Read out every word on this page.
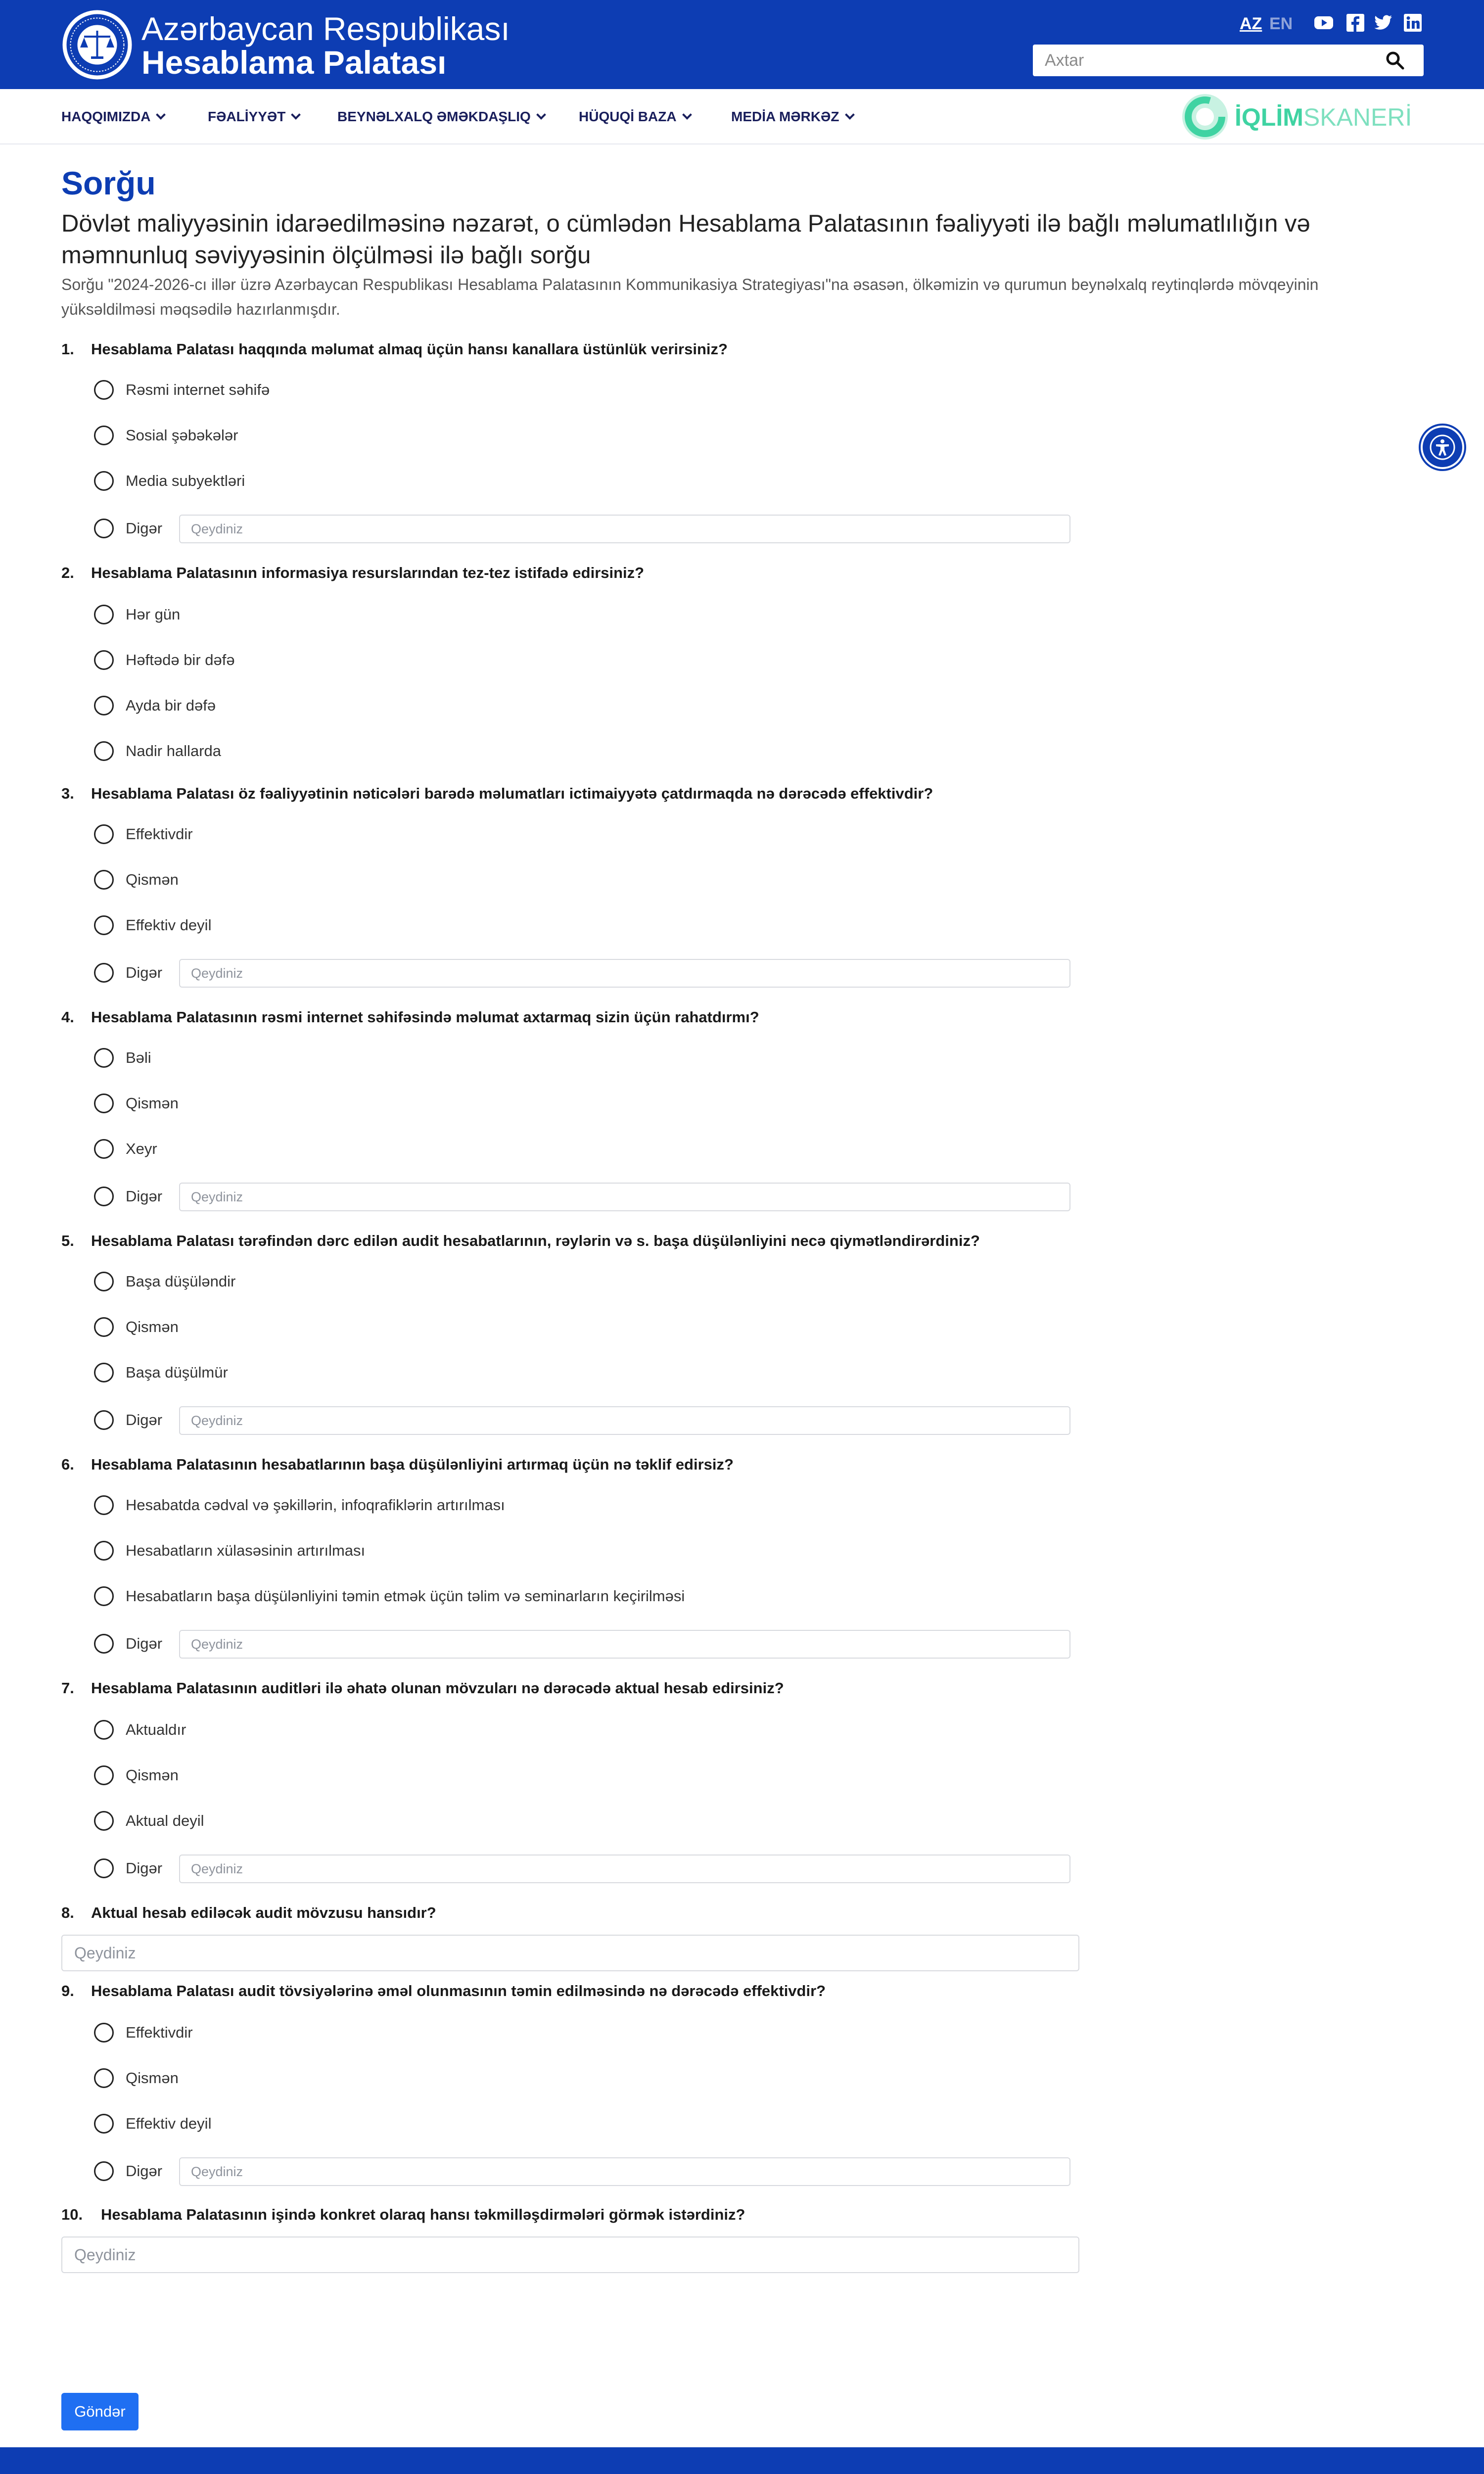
Azərbaycan Respublikası
Hesablama Palatası
AZ EN
Axtar
HAQQIMIZDA	FƏALİYYƏT	BEYNƏLXALQ ƏMƏKDAŞLIQ	HÜQUQİ BAZA	MEDİA MƏRKƏZ	İQLİMSKANERİ
Sorğu
Dövlət maliyyəsinin idarəedilməsinə nəzarət, o cümlədən Hesablama Palatasının fəaliyyəti ilə bağlı məlumatlılığın və məmnunluq səviyyəsinin ölçülməsi ilə bağlı sorğu
Sorğu "2024-2026-cı illər üzrə Azərbaycan Respublikası Hesablama Palatasının Kommunikasiya Strategiyası"na əsasən, ölkəmizin və qurumun beynəlxalq reytinqlərdə mövqeyinin yüksəldilməsi məqsədilə hazırlanmışdır.
1. Hesablama Palatası haqqında məlumat almaq üçün hansı kanallara üstünlük verirsiniz?
Rəsmi internet səhifə
Sosial şəbəkələr
Media subyektləri
Digər
Qeydiniz
2. Hesablama Palatasının informasiya resurslarından tez-tez istifadə edirsiniz?
Hər gün
Həftədə bir dəfə
Ayda bir dəfə
Nadir hallarda
3. Hesablama Palatası öz fəaliyyətinin nəticələri barədə məlumatları ictimaiyyətə çatdırmaqda nə dərəcədə effektivdir?
Effektivdir
Qismən
Effektiv deyil
Digər
Qeydiniz
4. Hesablama Palatasının rəsmi internet səhifəsində məlumat axtarmaq sizin üçün rahatdırmı?
Bəli
Qismən
Xeyr
Digər
Qeydiniz
5. Hesablama Palatası tərəfindən dərc edilən audit hesabatlarının, rəylərin və s. başa düşülənliyini necə qiymətləndirərdiniz?
Başa düşüləndir
Qismən
Başa düşülmür
Digər
Qeydiniz
6. Hesablama Palatasının hesabatlarının başa düşülənliyini artırmaq üçün nə təklif edirsiz?
Hesabatda cədval və şəkillərin, infoqrafiklərin artırılması
Hesabatların xülasəsinin artırılması
Hesabatların başa düşülənliyini təmin etmək üçün təlim və seminarların keçirilməsi
Digər
Qeydiniz
7. Hesablama Palatasının auditləri ilə əhatə olunan mövzuları nə dərəcədə aktual hesab edirsiniz?
Aktualdır
Qismən
Aktual deyil
Digər
Qeydiniz
8. Aktual hesab ediləcək audit mövzusu hansıdır?
Qeydiniz
9. Hesablama Palatası audit tövsiyələrinə əməl olunmasının təmin edilməsində nə dərəcədə effektivdir?
Effektivdir
Qismən
Effektiv deyil
Digər
Qeydiniz
10. Hesablama Palatasının işində konkret olaraq hansı təkmilləşdirmələri görmək istərdiniz?
Qeydiniz
Göndər
